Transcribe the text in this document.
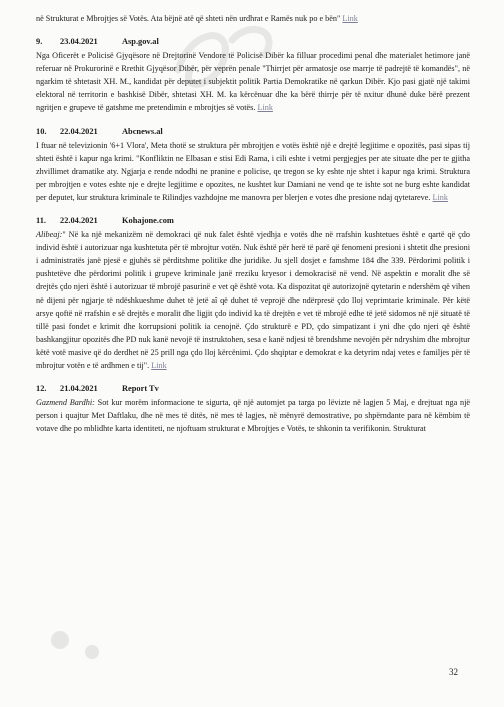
në Strukturat e Mbrojtjes së Votës. Ata bëjnë atë që shteti nën urdhrat e Ramës nuk po e bën" Link

9. 23.04.2021	Asp.gov.al

Nga Oficerët e Policisë Gjyqësore në Drejtorinë Vendore të Policisë Dibër ka filluar procedimi penal dhe materialet hetimore janë referuar në Prokurorinë e Rrethit Gjyqësor Dibër, për veprën penale "Thirrjet për armatosje ose marrje të padrejtë të komandës", në ngarkim të shtetasit XH. M., kandidat për deputet i subjektit politik Partia Demokratike në qarkun Dibër. Kjo pasi gjatë një takimi elektoral në territorin e bashkisë Dibër, shtetasi XH. M. ka kërcënuar dhe ka bërë thirrje për të nxitur dhunë duke bërë prezent ngritjen e grupeve të gatshme me pretendimin e mbrojtjes së votës. Link

10. 22.04.2021	Abcnews.al

I ftuar në televizionin '6+1 Vlora', Meta thotë se struktura për mbrojtjen e votës është një e drejtë legjitime e opozitës, pasi sipas tij shteti është i kapur nga krimi. "Konfliktin ne Elbasan e stisi Edi Rama, i cili eshte i vetmi pergjegjes per ate situate dhe per te gjitha zhvillimet dramatike aty. Ngjarja e rende ndodhi ne pranine e policise, qe tregon se ky eshte nje shtet i kapur nga krimi. Struktura per mbrojtjen e votes eshte nje e drejte legjitime e opozites, ne kushtet kur Damiani ne vend qe te ishte sot ne burg eshte kandidat per deputet, kur struktura kriminale te Rilindjes vazhdojne me manovra per blerjen e votes dhe presione ndaj qytetareve. Link

11. 22.04.2021	Kohajone.com

Alibeaj:" Në ka një mekanizëm në demokraci që nuk falet është vjedhja e votës dhe në rrafshin kushtetues është e qartë që çdo individ është i autorizuar nga kushtetuta për të mbrojtur votën. Nuk është për herë të parë që fenomeni presioni i shtetit dhe presioni i administratës janë pjesë e gjuhës së përditshme politike dhe juridike. Ju sjell dosjet e famshme 184 dhe 339. Përdorimi politik i pushtetëve dhe përdorimi politik i grupeve kriminale janë rreziku kryesor i demokracisë në vend. Në aspektin e moralit dhe së drejtës çdo njeri është i autorizuar të mbrojë pasurinë e vet që është vota. Ka dispozitat që autorizojnë qytetarin e ndershëm që vihen në dijeni për ngjarje të ndëshkueshme duhet të jetë aî që duhet të veprojë dhe ndërpresë çdo lloj veprimtarie kriminale. Për këtë arsye qoftë në rrafshin e së drejtës e moralit dhe ligjit çdo individ ka të drejtën e vet të mbrojë edhe të jetë sidomos në një situatë të tillë pasi fondet e krimit dhe korrupsioni politik ia cenojnë. Çdo strukturë e PD, çdo simpatizant i yni dhe çdo njeri që është bashkangjitur opozitës dhe PD nuk kanë nevojë të instruktohen, sesa e kanë ndjesi të brendshme nevojën për ndryshim dhe mbrojtur këtë votë masive që do derdhet në 25 prill nga çdo lloj kërcënimi. Çdo shqiptar e demokrat e ka detyrim ndaj vetes e familjes për të mbrojtur votën e të ardhmen e tij". Link

12. 21.04.2021	Report Tv

Gazmend Bardhi: Sot kur morëm informacione te sigurta, që një automjet pa targa po lëvizte në lagjen 5 Maj, e drejtuat nga një person i quajtur Met Daftlaku, dhe në mes të ditës, në mes të lagjes, në mënyrë demostrative, po shpërndante para në këmbim të votave dhe po mblidhte karta identiteti, ne njoftuam strukturat e Mbrojtjes e Votës, te shkonin ta verifikonin. Strukturat

32
